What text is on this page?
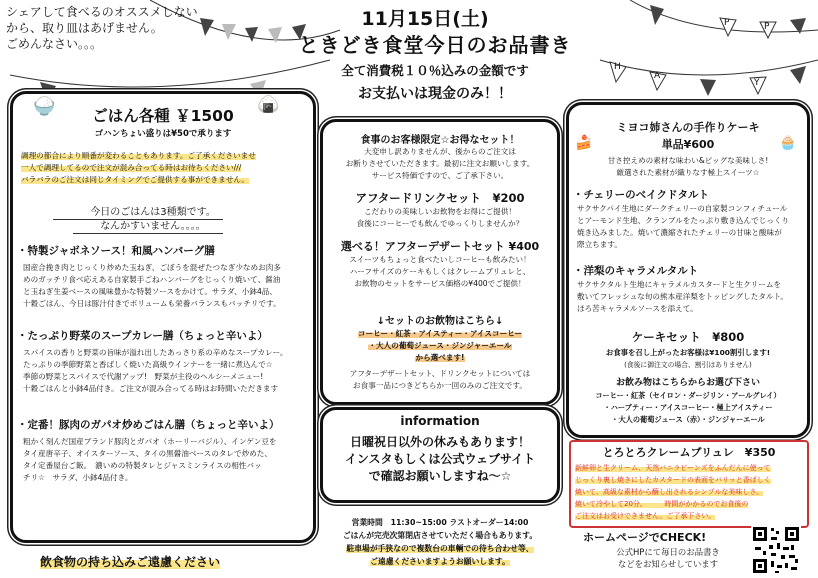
H
A
P	P
Y
シェアして食べるのオススメしない
から、取り皿はあげません。
ごめんなさい。。。
11月15日(土)
ときどき食堂今日のお品書き
全て消費税１０％込みの金額です
お支払いは現金のみ！！
🍚	🍙
ごはん各種 ￥1500
ゴハンちょい盛りは¥50で承ります
調理の都合により順番が変わることもあります。ご了承くださいませ
一人で調理してるので注文が混み合ってる時はお待ちください///
バラバラのご注文は同じタイミングでご提供する事ができません。
今日のごはんは3種類です。
なんかすいません。。。。
・特製ジャボネソース！和風ハンバーグ膳
国産合挽き肉とじっくり炒めた玉ねぎ、ごぼうを混ぜたつなぎ少なめお肉多
めのガッチリ食べ応えある自家製手ごねハンバーグをじっくり焼いて、醤油
と玉ねぎ生姜ベースの風味豊かな特製ソースをかけて。サラダ、小鉢4品、
十穀ごはん、今日は豚汁付きでボリュームも栄養バランスもバッチリです。
・たっぷり野菜のスープカレー膳（ちょっと辛いよ）
スパイスの香りと野菜の旨味が溢れ出したあっさり系の辛めなスープカレー。
たっぷりの季節野菜と香ばしく焼いた高級ウインナーを一緒に煮込んで☆
季節の野菜とスパイスで代謝アップ!　野菜が主役のヘルシーメニュー!
十穀ごはんと小鉢4品付き。ご注文が混み合ってる時はお時間いただきます
・定番！豚肉のガパオ炒めごはん膳（ちょっと辛いよ）
粗かく刻んだ国産ブランド豚肉とガパオ（ホーリーバジル）、インゲン豆を
タイ産唐辛子、オイスターソース、タイの黒醤油ベースのタレで炒めた、
タイ定番屋台ご飯。　濃いめの特製タレとジャスミンライスの相性バッ
チリ☆　サラダ、小鉢4品付き。
飲食物の持ち込みご遠慮ください
食事のお客様限定☆お得なセット！
大変申し訳ありませんが、後からのご注文は
お断りさせていただきます。最初に注文お願いします。
サービス特価ですので、ご了承下さい。
アフタードリンクセット　¥200
こだわりの美味しいお飲物をお得にご提供！
食後にコーヒーでも飲んでゆっくりしませんか？
選べる！アフターデザートセット ¥400
スイーツもちょっと食べたいしコーヒーも飲みたい！
ハーフサイズのケーキもしくはクレームブリュレと、
お飲物のセットをサービス価格の¥400でご提供！
↓セットのお飲物はこちら↓
コーヒー・紅茶・アイスティー・アイスコーヒー
・大人の葡萄ジュース・ジンジャーエール
から選べます!
アフターデザートセット、ドリンクセットについては
お食事一品につきどちらか一回のみのご注文です。
information
日曜祝日以外の休みもあります！
インスタもしくは公式ウェブサイト
で確認お願いしますね〜☆
営業時間　11:30~15:00 ラストオーダー14:00
ごはんが完売次第閉店させていただく場合もあります。
駐車場が手狭なので複数台の車輌での待ち合わせ等、
ご遠慮くださいますようお願いします。
ミヨコ姉さんの手作りケーキ
単品¥600
🍰	🧁
甘さ控えめの素材な味わい&ビッグな美味しさ!
厳選された素材が織りなす極上スイーツ☆
・チェリーのベイクドタルト
サクサクパイ生地にダークチェリーの自家製コンフィチュール
とアーモンド生地、クランブルをたっぷり敷き込んでじっくり
焼き込みました。焼いて濃縮されたチェリーの甘味と酸味が
際立ちます。
・洋梨のキャラメルタルト
サクサクタルト生地にキャラメルカスタードと生クリームを
敷いてフレッシュな旬の熊本産洋梨をトッピングしたタルト。
ほろ苦キャラメルソースを添えて。
ケーキセット　¥800
お食事を召し上がったお客様は¥100割引します!
(食後に御注文の場合、割引はありません)
お飲み物はこちらからお選び下さい
コーヒー・紅茶（セイロン・ダージリン・アールグレイ）
・ハーブティー・アイスコーヒー・極上アイスティー
・大人の葡萄ジュース（赤）・ジンジャーエール
とろとろクレームブリュレ　¥350
新鮮卵と生クリーム、天然バニラビーンズをふんだんに使って
じっくり裏し焼きにしたカスタードの表面をバリッと香ばしく
焼いて、高級な素材から醸し出されるシンプルな美味しさ。
焼いて冷やして20分。　　　時間がかかるのでお食後の
ご注文はお受けできません。ご了承下さい。
ホームページでCHECK!
公式HPにて毎日のお品書き
などをお知らせしています
